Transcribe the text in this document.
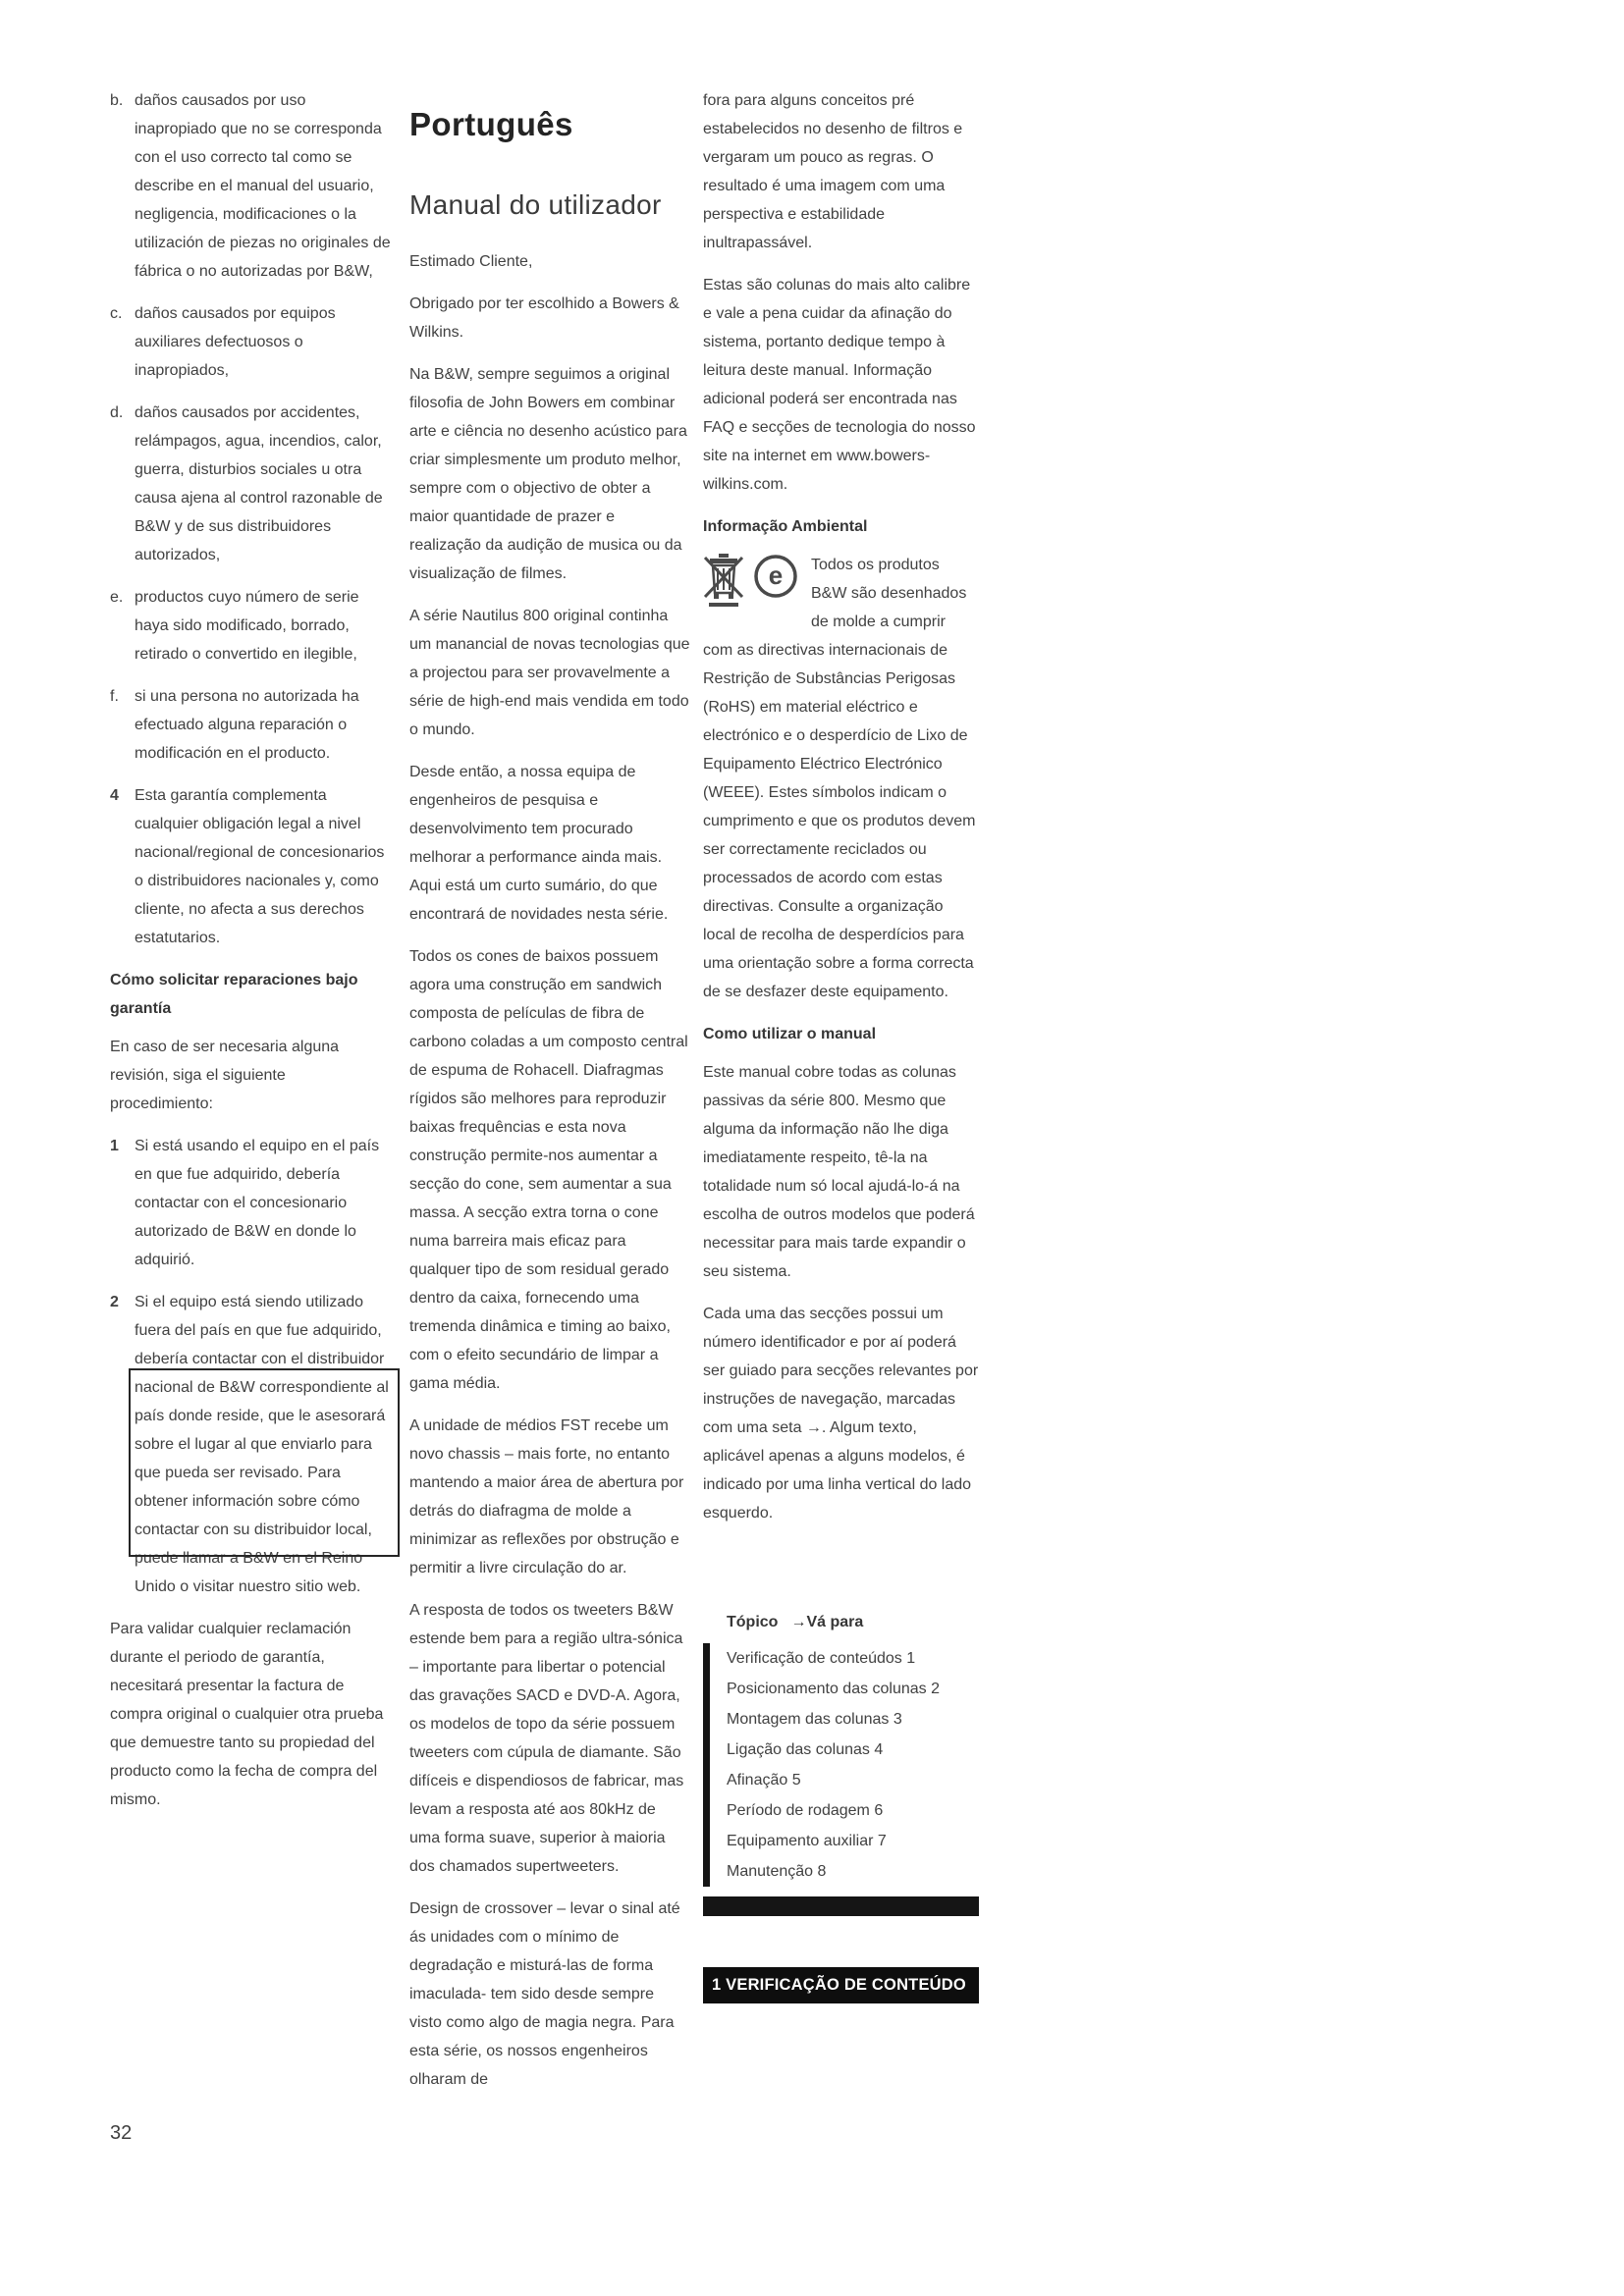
b. daños causados por uso inapropiado que no se corresponda con el uso correcto tal como se describe en el manual del usuario, negligencia, modificaciones o la utilización de piezas no originales de fábrica o no autorizadas por B&W,
c. daños causados por equipos auxiliares defectuosos o inapropiados,
d. daños causados por accidentes, relámpagos, agua, incendios, calor, guerra, disturbios sociales u otra causa ajena al control razonable de B&W y de sus distribuidores autorizados,
e. productos cuyo número de serie haya sido modificado, borrado, retirado o convertido en ilegible,
f. si una persona no autorizada ha efectuado alguna reparación o modificación en el producto.
4 Esta garantía complementa cualquier obligación legal a nivel nacional/regional de concesionarios o distribuidores nacionales y, como cliente, no afecta a sus derechos estatutarios.
Cómo solicitar reparaciones bajo garantía

En caso de ser necesaria alguna revisión, siga el siguiente procedimiento:

1 Si está usando el equipo en el país en que fue adquirido, debería contactar con el concesionario autorizado de B&W en donde lo adquirió.
2 Si el equipo está siendo utilizado fuera del país en que fue adquirido, debería contactar con el distribuidor nacional de B&W correspondiente al país donde reside, que le asesorará sobre el lugar al que enviarlo para que pueda ser revisado. Para obtener información sobre cómo contactar con su distribuidor local, puede llamar a B&W en el Reino Unido o visitar nuestro sitio web.

Para validar cualquier reclamación durante el periodo de garantía, necesitará presentar la factura de compra original o cualquier otra prueba que demuestre tanto su propiedad del producto como la fecha de compra del mismo.

Português
Manual do utilizador

Estimado Cliente,

Obrigado por ter escolhido a Bowers & Wilkins.

Na B&W, sempre seguimos a original filosofia de John Bowers em combinar arte e ciência no desenho acústico para criar simplesmente um produto melhor, sempre com o objectivo de obter a maior quantidade de prazer e realização da audição de musica ou da visualização de filmes.

A série Nautilus 800 original continha um manancial de novas tecnologias que a projectou para ser provavelmente a série de high-end mais vendida em todo o mundo.

Desde então, a nossa equipa de engenheiros de pesquisa e desenvolvimento tem procurado melhorar a performance ainda mais. Aqui está um curto sumário, do que encontrará de novidades nesta série.

Todos os cones de baixos possuem agora uma construção em sandwich composta de películas de fibra de carbono coladas a um composto central de espuma de Rohacell. Diafragmas rígidos são melhores para reproduzir baixas frequências e esta nova construção permite-nos aumentar a secção do cone, sem aumentar a sua massa. A secção extra torna o cone numa barreira mais eficaz para qualquer tipo de som residual gerado dentro da caixa, fornecendo uma tremenda dinâmica e timing ao baixo, com o efeito secundário de limpar a gama média.

A unidade de médios FST recebe um novo chassis – mais forte, no entanto mantendo a maior área de abertura por detrás do diafragma de molde a minimizar as reflexões por obstrução e permitir a livre circulação do ar.

A resposta de todos os tweeters B&W estende bem para a região ultra-sónica – importante para libertar o potencial das gravações SACD e DVD-A. Agora, os modelos de topo da série possuem tweeters com cúpula de diamante. São difíceis e dispendiosos de fabricar, mas levam a resposta até aos 80kHz de uma forma suave, superior à maioria dos chamados supertweeters.

Design de crossover – levar o sinal até ás unidades com o mínimo de degradação e misturá-las de forma imaculada- tem sido desde sempre visto como algo de magia negra. Para esta série, os nossos engenheiros olharam de

fora para alguns conceitos pré estabelecidos no desenho de filtros e vergaram um pouco as regras. O resultado é uma imagem com uma perspectiva e estabilidade inultrapassável.

Estas são colunas do mais alto calibre e vale a pena cuidar da afinação do sistema, portanto dedique tempo à leitura deste manual. Informação adicional poderá ser encontrada nas FAQ e secções de tecnologia do nosso site na internet em www.bowers-wilkins.com.

Informação Ambiental
e Todos os produtos B&W são desenhados de molde a cumprir com as directivas internacionais de Restrição de Substâncias Perigosas (RoHS) em material eléctrico e electrónico e o desperdício de Lixo de Equipamento Eléctrico Electrónico (WEEE). Estes símbolos indicam o cumprimento e que os produtos devem ser correctamente reciclados ou processados de acordo com estas directivas. Consulte a organização local de recolha de desperdícios para uma orientação sobre a forma correcta de se desfazer deste equipamento.
Como utilizar o manual

Este manual cobre todas as colunas passivas da série 800. Mesmo que alguma da informação não lhe diga imediatamente respeito, tê-la na totalidade num só local ajudá-lo-á na escolha de outros modelos que poderá necessitar para mais tarde expandir o seu sistema.

Cada uma das secções possui um número identificador e por aí poderá ser guiado para secções relevantes por instruções de navegação, marcadas com uma seta →. Algum texto, aplicável apenas a alguns modelos, é indicado por uma linha vertical do lado esquerdo.

Tópico →Vá para
Verificação de conteúdos 1
Posicionamento das colunas 2
Montagem das colunas 3
Ligação das colunas 4
Afinação 5
Período de rodagem 6
Equipamento auxiliar 7
Manutenção 8
1 VERIFICAÇÃO DE CONTEÚDO
32
